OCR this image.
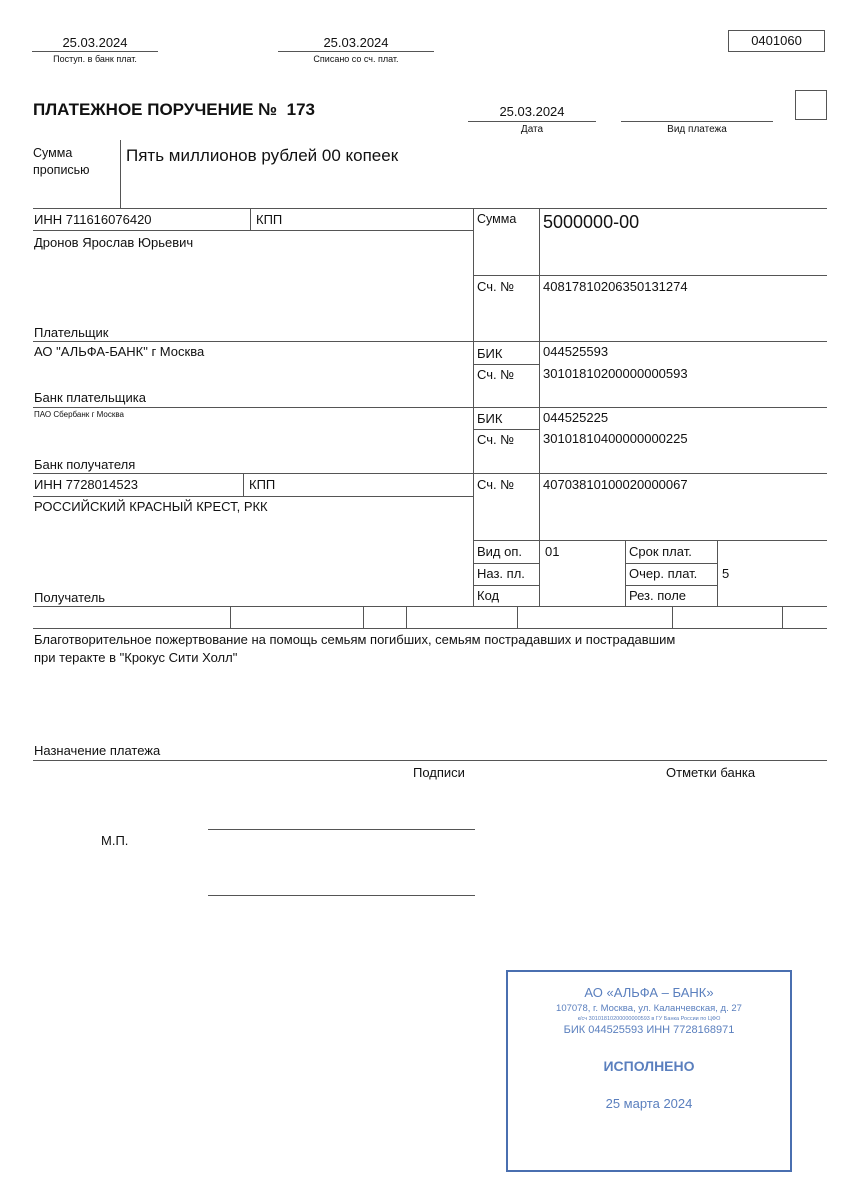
25.03.2024
Поступ. в банк плат.
25.03.2024
Списано со сч. плат.
0401060
ПЛАТЕЖНОЕ ПОРУЧЕНИЕ № 173	25.03.2024
Дата	Вид платежа
Сумма
прописью
Пять миллионов рублей 00 копеек
ИНН 711616076420	КПП
Дронов Ярослав Юрьевич
Плательщик
Сумма 5000000-00
Сч. № 40817810206350131274
АО "АЛЬФА-БАНК" г Москва
Банк плательщика
БИК	044525593
Сч. № 30101810200000000593
ПАО Сбербанк г Москва
Банк получателя
БИК	044525225
Сч. № 30101810400000000225
ИНН 7728014523	КПП
РОССИЙСКИЙ КРАСНЫЙ КРЕСТ, РКК
Получатель
Сч. № 40703810100020000067
Вид оп. 01
Наз. пл.
Код
Срок плат.
Очер. плат. 5
Рез. поле
Благотворительное пожертвование на помощь семьям погибших, семьям пострадавших и пострадавшим
при теракте в "Крокус Сити Холл"
Назначение платежа
Подписи	Отметки банка
М.П.
АО «АЛЬФА – БАНК»
107078, г. Москва, ул. Каланчевская, д. 27
к/сч 30101810200000000593 в ГУ Банка России по ЦФО
БИК 044525593 ИНН 7728168971
ИСПОЛНЕНО
25 марта 2024
